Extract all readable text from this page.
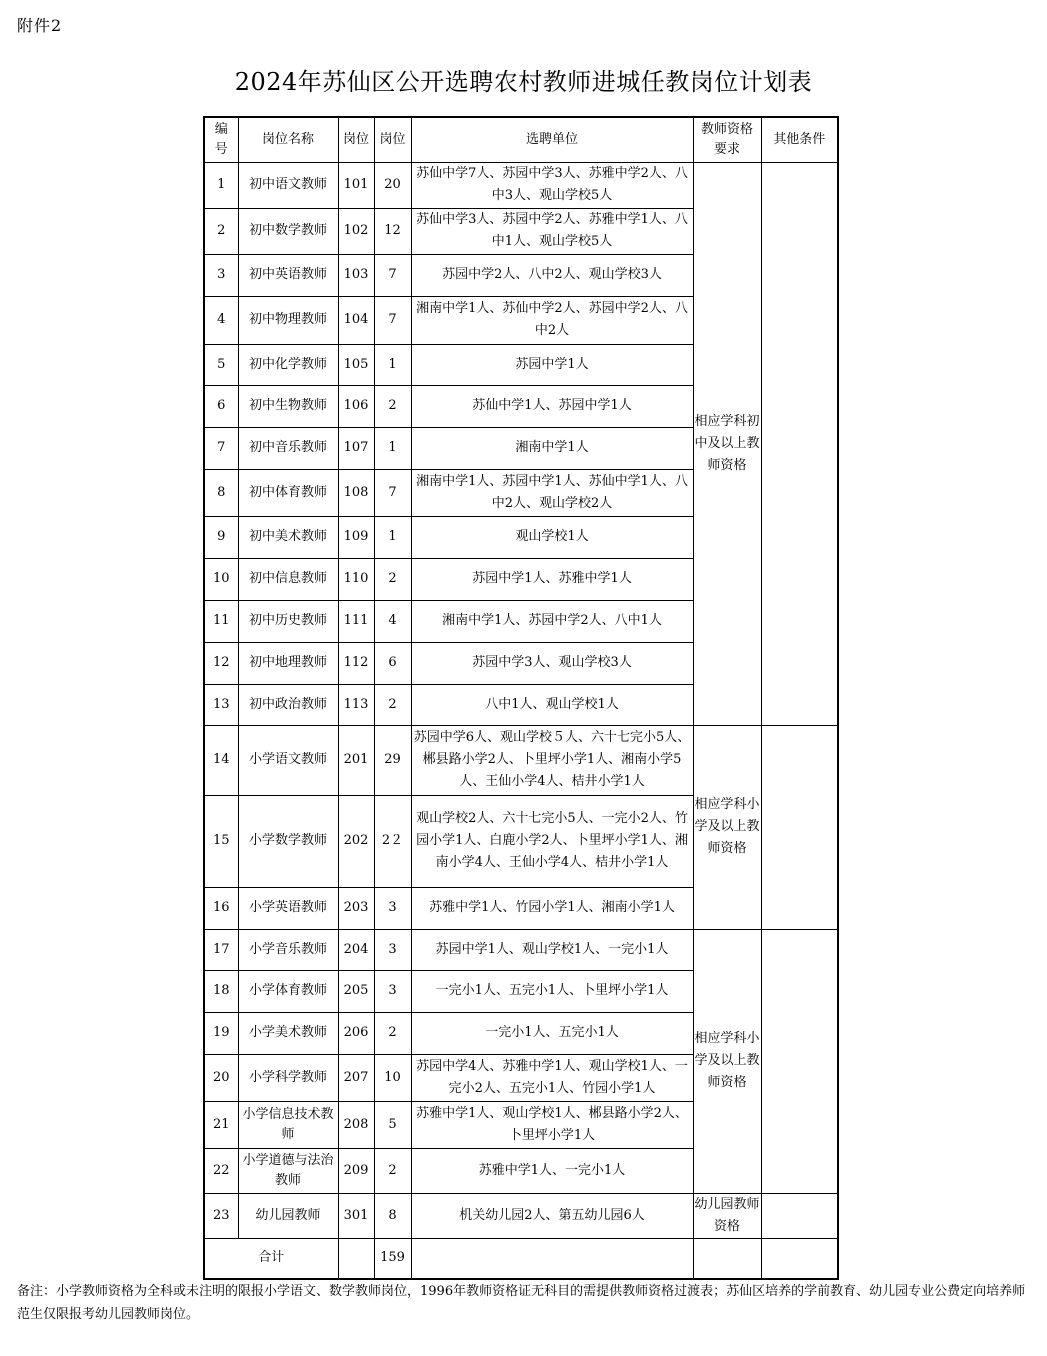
附件2
2024年苏仙区公开选聘农村教师进城任教岗位计划表
编号	岗位名称	岗位	岗位	选聘单位	教师资格要求	其他条件
1	初中语文教师	101	20	苏仙中学7人、苏园中学3人、苏雅中学2人、八中3人、观山学校5人	相应学科初中及以上教师资格	
2	初中数学教师	102	12	苏仙中学3人、苏园中学2人、苏雅中学1人、八中1人、观山学校5人		
3	初中英语教师	103	7	苏园中学2人、八中2人、观山学校3人		
4	初中物理教师	104	7	湘南中学1人、苏仙中学2人、苏园中学2人、八中2人		
5	初中化学教师	105	1	苏园中学1人		
6	初中生物教师	106	2	苏仙中学1人、苏园中学1人		
7	初中音乐教师	107	1	湘南中学1人		
8	初中体育教师	108	7	湘南中学1人、苏园中学1人、苏仙中学1人、八中2人、观山学校2人		
9	初中美术教师	109	1	观山学校1人		
10	初中信息教师	110	2	苏园中学1人、苏雅中学1人		
11	初中历史教师	111	4	湘南中学1人、苏园中学2人、八中1人		
12	初中地理教师	112	6	苏园中学3人、观山学校3人		
13	初中政治教师	113	2	八中1人、观山学校1人		
14	小学语文教师	201	29	苏园中学6人、观山学校５人、六十七完小5人、郴县路小学2人、卜里坪小学1人、湘南小学5人、王仙小学4人、桔井小学1人	相应学科小学及以上教师资格	
15	小学数学教师	202	2２	观山学校2人、六十七完小5人、一完小2人、竹园小学1人、白鹿小学2人、卜里坪小学1人、湘南小学4人、王仙小学4人、桔井小学1人		
16	小学英语教师	203	3	苏雅中学1人、竹园小学1人、湘南小学1人		
17	小学音乐教师	204	3	苏园中学1人、观山学校1人、一完小1人	相应学科小学及以上教师资格	
18	小学体育教师	205	3	一完小1人、五完小1人、卜里坪小学1人		
19	小学美术教师	206	2	一完小1人、五完小1人		
20	小学科学教师	207	10	苏园中学4人、苏雅中学1人、观山学校1人、一完小2人、五完小1人、竹园小学1人		
21	小学信息技术教师	208	5	苏雅中学1人、观山学校1人、郴县路小学2人、卜里坪小学1人		
22	小学道德与法治教师	209	2	苏雅中学1人、一完小1人		
23	幼儿园教师	301	8	机关幼儿园2人、第五幼儿园6人	幼儿园教师资格	
合计			159			
备注：小学教师资格为全科或未注明的限报小学语文、数学教师岗位，1996年教师资格证无科目的需提供教师资格过渡表；苏仙区培养的学前教育、幼儿园专业公费定向培养师范生仅限报考幼儿园教师岗位。
